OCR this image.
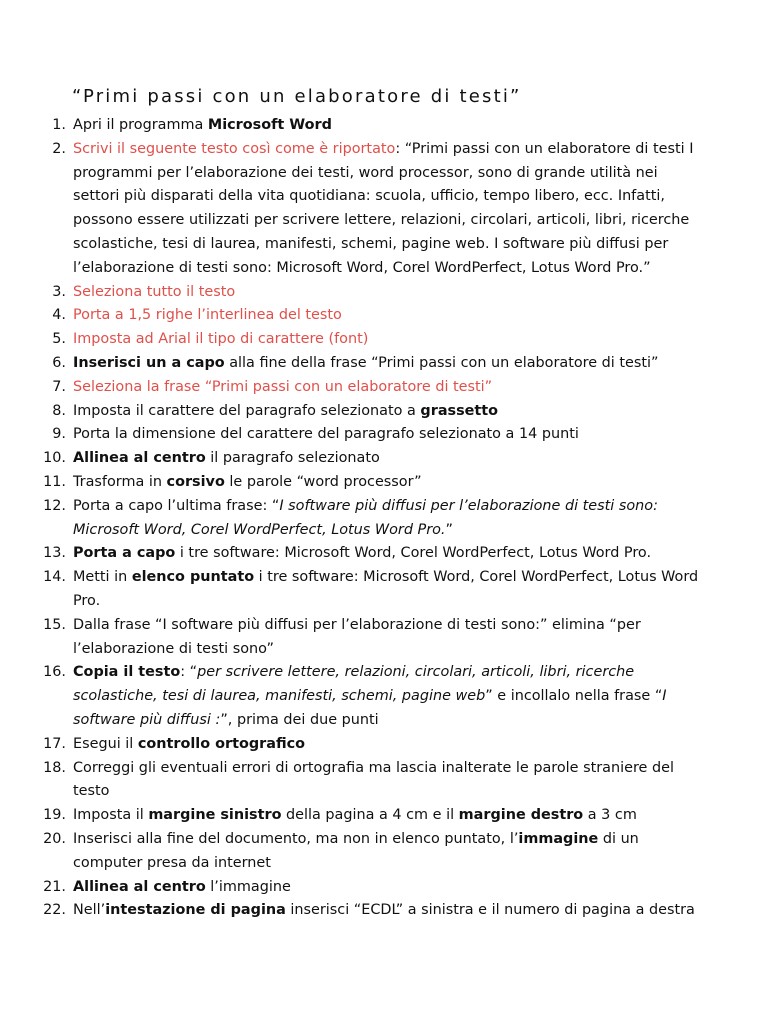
“Primi passi con un elaboratore di testi”
1. Apri il programma Microsoft Word
2. Scrivi il seguente testo così come è riportato: “Primi passi con un elaboratore di testi I programmi per l’elaborazione dei testi, word processor, sono di grande utilità nei settori più disparati della vita quotidiana: scuola, ufficio, tempo libero, ecc. Infatti, possono essere utilizzati per scrivere lettere, relazioni, circolari, articoli, libri, ricerche scolastiche, tesi di laurea, manifesti, schemi, pagine web. I software più diffusi per l’elaborazione di testi sono: Microsoft Word, Corel WordPerfect, Lotus Word Pro.”
3. Seleziona tutto il testo
4. Porta a 1,5 righe l’interlinea del testo
5. Imposta ad Arial il tipo di carattere (font)
6. Inserisci un a capo alla fine della frase “Primi passi con un elaboratore di testi”
7. Seleziona la frase “Primi passi con un elaboratore di testi”
8. Imposta il carattere del paragrafo selezionato a grassetto
9. Porta la dimensione del carattere del paragrafo selezionato a 14 punti
10. Allinea al centro il paragrafo selezionato
11. Trasforma in corsivo le parole “word processor”
12. Porta a capo l’ultima frase: “I software più diffusi per l’elaborazione di testi sono: Microsoft Word, Corel WordPerfect, Lotus Word Pro.”
13. Porta a capo i tre software: Microsoft Word, Corel WordPerfect, Lotus Word Pro.
14. Metti in elenco puntato i tre software: Microsoft Word, Corel WordPerfect, Lotus Word Pro.
15. Dalla frase “I software più diffusi per l’elaborazione di testi sono:” elimina “per l’elaborazione di testi sono”
16. Copia il testo: “per scrivere lettere, relazioni, circolari, articoli, libri, ricerche scolastiche, tesi di laurea, manifesti, schemi, pagine web” e incollalo nella frase “I software più diffusi :”, prima dei due punti
17. Esegui il controllo ortografico
18. Correggi gli eventuali errori di ortografia ma lascia inalterate le parole straniere del testo
19. Imposta il margine sinistro della pagina a 4 cm e il margine destro a 3 cm
20. Inserisci alla fine del documento, ma non in elenco puntato, l’immagine di un computer presa da internet
21. Allinea al centro l’immagine
22. Nell’intestazione di pagina inserisci “ECDL” a sinistra e il numero di pagina a destra
